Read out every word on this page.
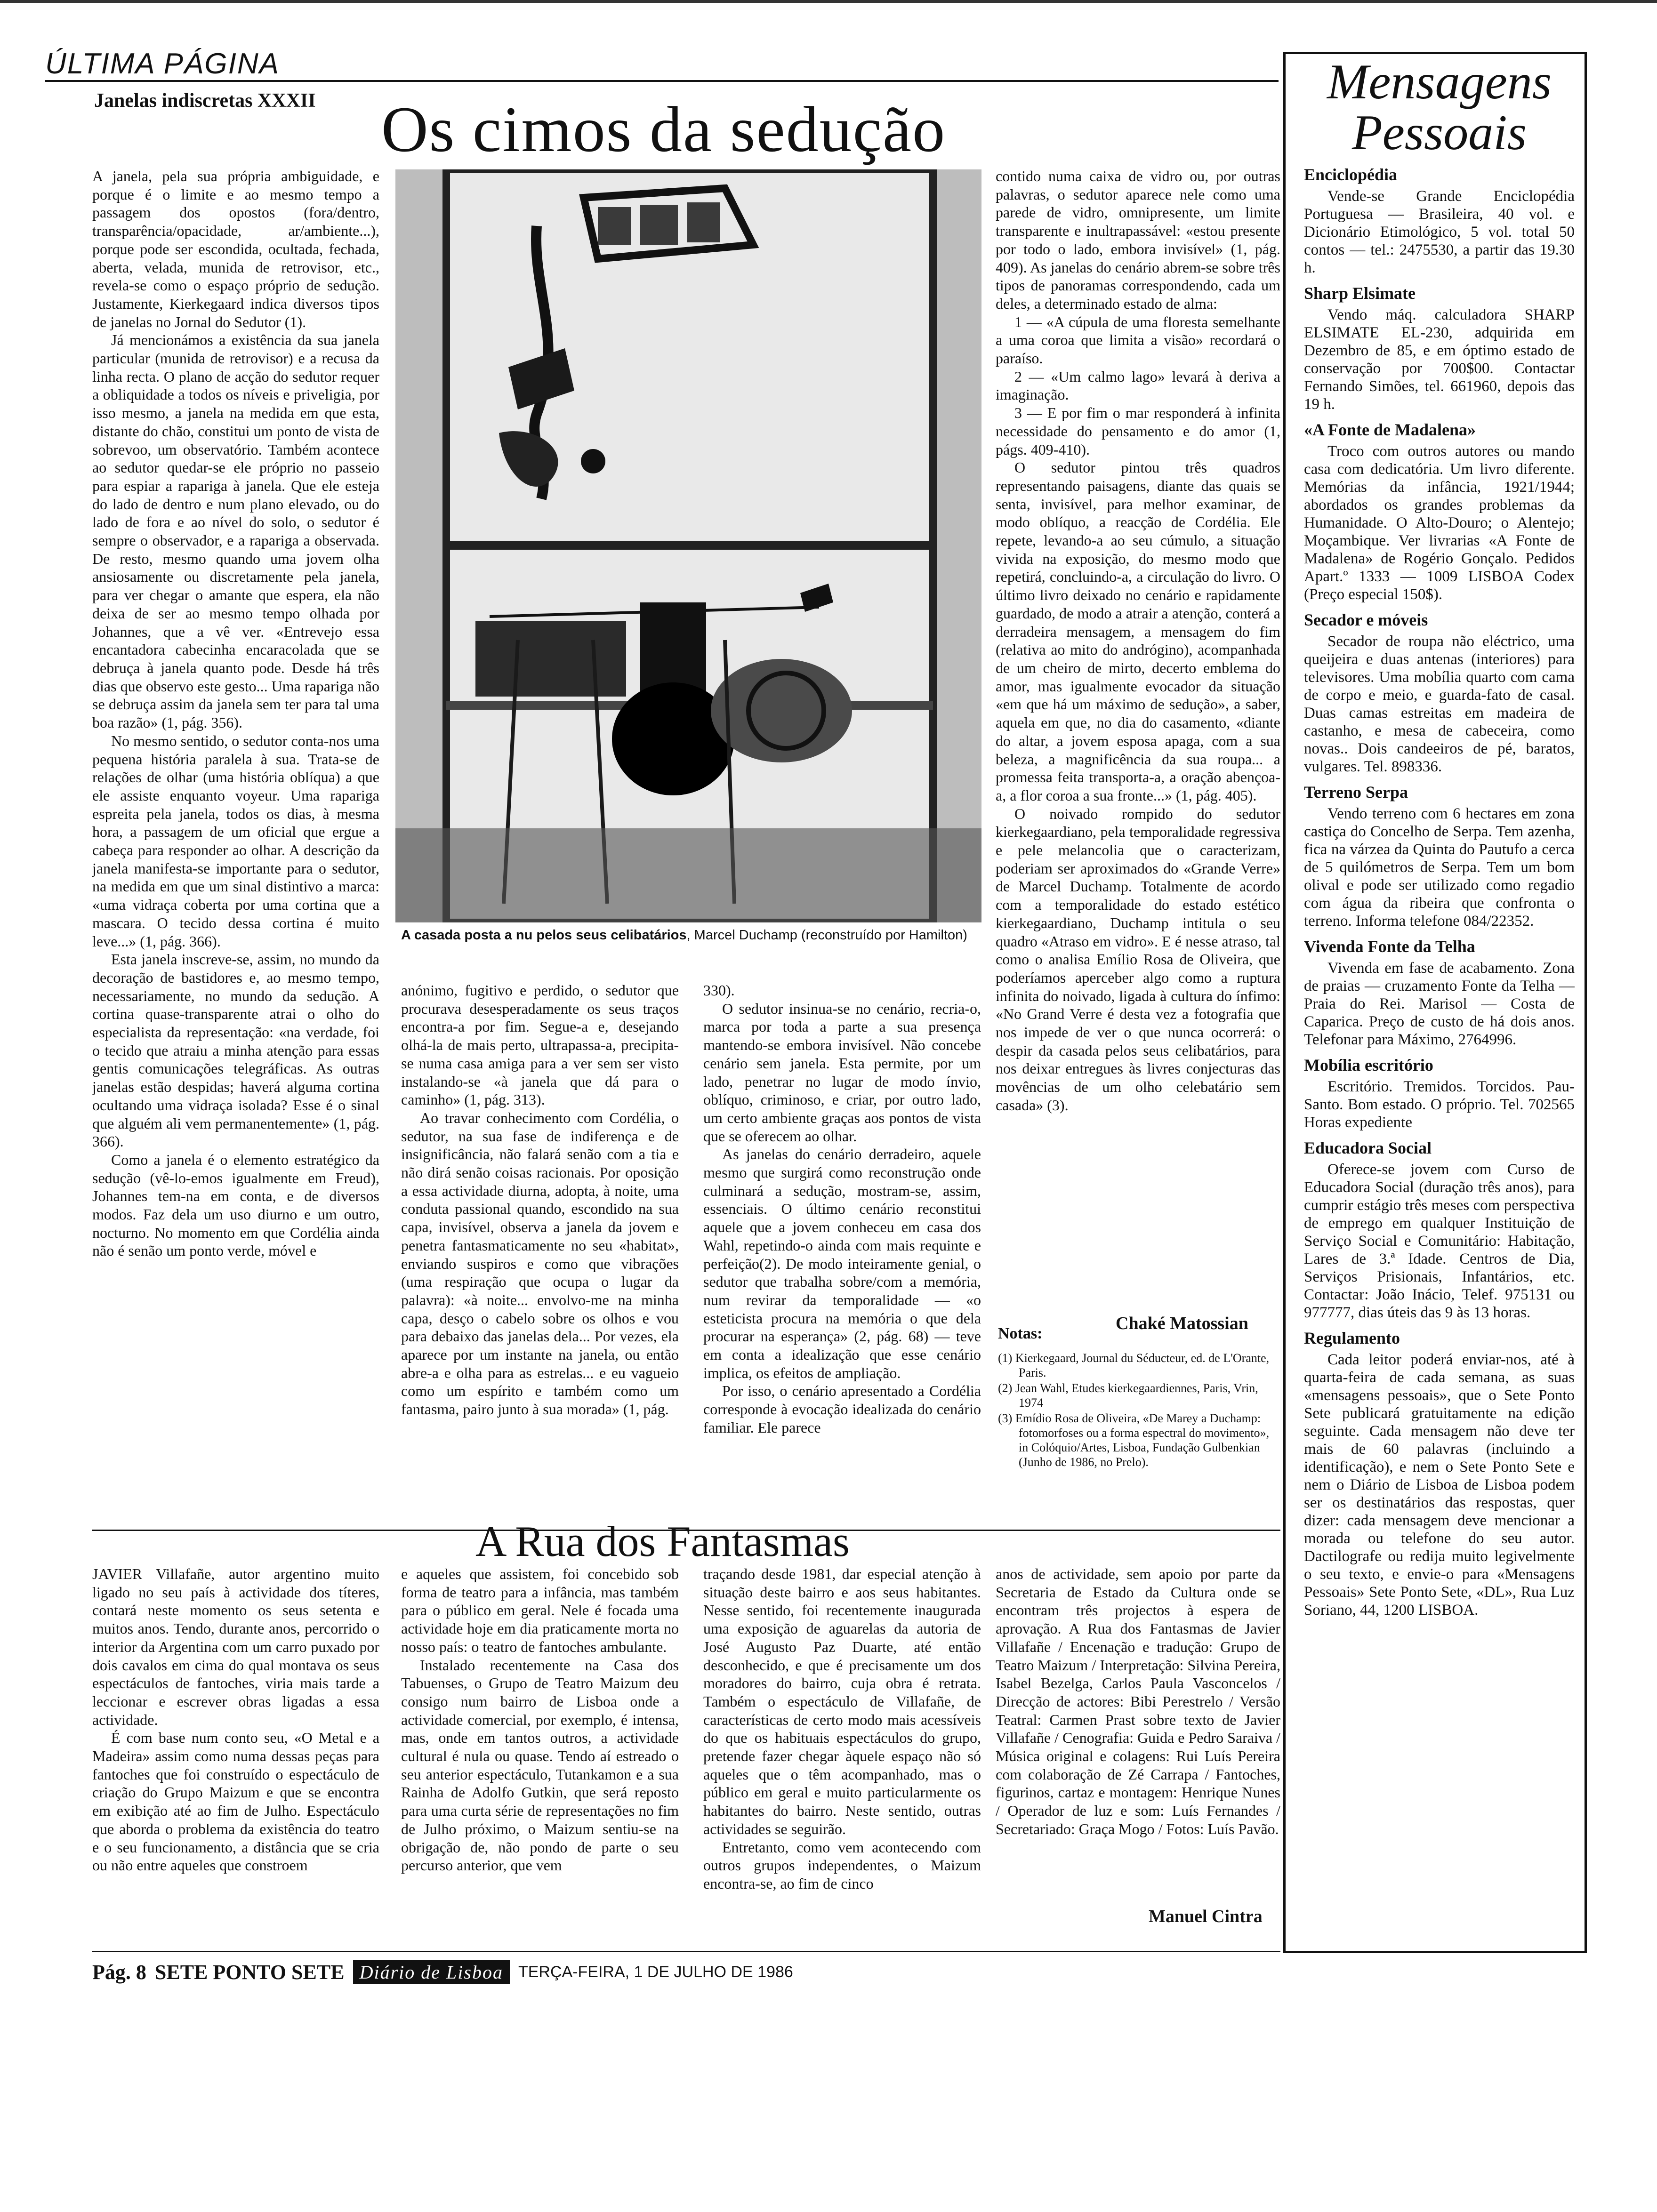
ÚLTIMA PÁGINA
Janelas indiscretas XXXII Os cimos da sedução

A janela, pela sua própria ambiguidade, e porque é o limite e ao mesmo tempo a passagem dos opostos (fora/dentro, transparência/opacidade, ar/ambiente...), porque pode ser escondida, ocultada, fechada, aberta, velada, munida de retrovisor, etc., revela-se como o espaço próprio de sedução. Justamente, Kierkegaard indica diversos tipos de janelas no Jornal do Sedutor (1).

Já mencionámos a existência da sua janela particular (munida de retrovisor) e a recusa da linha recta. O plano de acção do sedutor requer a obliquidade a todos os níveis e priveligia, por isso mesmo, a janela na medida em que esta, distante do chão, constitui um ponto de vista de sobrevoo, um observatório. Também acontece ao sedutor quedar-se ele próprio no passeio para espiar a rapariga à janela. Que ele esteja do lado de dentro e num plano elevado, ou do lado de fora e ao nível do solo, o sedutor é sempre o observador, e a rapariga a observada. De resto, mesmo quando uma jovem olha ansiosamente ou discretamente pela janela, para ver chegar o amante que espera, ela não deixa de ser ao mesmo tempo olhada por Johannes, que a vê ver. «Entrevejo essa encantadora cabecinha encaracolada que se debruça à janela quanto pode. Desde há três dias que observo este gesto... Uma rapariga não se debruça assim da janela sem ter para tal uma boa razão» (1, pág. 356).

No mesmo sentido, o sedutor conta-nos uma pequena história paralela à sua. Trata-se de relações de olhar (uma história oblíqua) a que ele assiste enquanto voyeur. Uma rapariga espreita pela janela, todos os dias, à mesma hora, a passagem de um oficial que ergue a cabeça para responder ao olhar. A descrição da janela manifesta-se importante para o sedutor, na medida em que um sinal distintivo a marca: «uma vidraça coberta por uma cortina que a mascara. O tecido dessa cortina é muito leve...» (1, pág. 366).

Esta janela inscreve-se, assim, no mundo da decoração de bastidores e, ao mesmo tempo, necessariamente, no mundo da sedução. A cortina quase-transparente atrai o olho do especialista da representação: «na verdade, foi o tecido que atraiu a minha atenção para essas gentis comunicações telegráficas. As outras janelas estão despidas; haverá alguma cortina ocultando uma vidraça isolada? Esse é o sinal que alguém ali vem permanentemente» (1, pág. 366).

Como a janela é o elemento estratégico da sedução (vê-lo-emos igualmente em Freud), Johannes tem-na em conta, e de diversos modos. Faz dela um uso diurno e um outro, nocturno. No momento em que Cordélia ainda não é senão um ponto verde, móvel e

A casada posta a nu pelos seus celibatários, Marcel Duchamp (reconstruído por Hamilton)

anónimo, fugitivo e perdido, o sedutor que procurava desesperadamente os seus traços encontra-a por fim. Segue-a e, desejando olhá-la de mais perto, ultrapassa-a, precipita-se numa casa amiga para a ver sem ser visto instalando-se «à janela que dá para o caminho» (1, pág. 313).

Ao travar conhecimento com Cordélia, o sedutor, na sua fase de indiferença e de insignificância, não falará senão com a tia e não dirá senão coisas racionais. Por oposição a essa actividade diurna, adopta, à noite, uma conduta passional quando, escondido na sua capa, invisível, observa a janela da jovem e penetra fantasmaticamente no seu «habitat», enviando suspiros e como que vibrações (uma respiração que ocupa o lugar da palavra): «à noite... envolvo-me na minha capa, desço o cabelo sobre os olhos e vou para debaixo das janelas dela... Por vezes, ela aparece por um instante na janela, ou então abre-a e olha para as estrelas... e eu vagueio como um espírito e também como um fantasma, pairo junto à sua morada» (1, pág.

330).

O sedutor insinua-se no cenário, recria-o, marca por toda a parte a sua presença mantendo-se embora invisível. Não concebe cenário sem janela. Esta permite, por um lado, penetrar no lugar de modo ínvio, oblíquo, criminoso, e criar, por outro lado, um certo ambiente graças aos pontos de vista que se oferecem ao olhar.

As janelas do cenário derradeiro, aquele mesmo que surgirá como reconstrução onde culminará a sedução, mostram-se, assim, essenciais. O último cenário reconstitui aquele que a jovem conheceu em casa dos Wahl, repetindo-o ainda com mais requinte e perfeição(2). De modo inteiramente genial, o sedutor que trabalha sobre/com a memória, num revirar da temporalidade — «o esteticista procura na memória o que dela procurar na esperança» (2, pág. 68) — teve em conta a idealização que esse cenário implica, os efeitos de ampliação.

Por isso, o cenário apresentado a Cordélia corresponde à evocação idealizada do cenário familiar. Ele parece

contido numa caixa de vidro ou, por outras palavras, o sedutor aparece nele como uma parede de vidro, omnipresente, um limite transparente e inultrapassável: «estou presente por todo o lado, embora invisível» (1, pág. 409). As janelas do cenário abrem-se sobre três tipos de panoramas correspondendo, cada um deles, a determinado estado de alma:

1 — «A cúpula de uma floresta semelhante a uma coroa que limita a visão» recordará o paraíso.

2 — «Um calmo lago» levará à deriva a imaginação.

3 — E por fim o mar responderá à infinita necessidade do pensamento e do amor (1, págs. 409-410).

O sedutor pintou três quadros representando paisagens, diante das quais se senta, invisível, para melhor examinar, de modo oblíquo, a reacção de Cordélia. Ele repete, levando-a ao seu cúmulo, a situação vivida na exposição, do mesmo modo que repetirá, concluindo-a, a circulação do livro. O último livro deixado no cenário e rapidamente guardado, de modo a atrair a atenção, conterá a derradeira mensagem, a mensagem do fim (relativa ao mito do andrógino), acompanhada de um cheiro de mirto, decerto emblema do amor, mas igualmente evocador da situação «em que há um máximo de sedução», a saber, aquela em que, no dia do casamento, «diante do altar, a jovem esposa apaga, com a sua beleza, a magnificência da sua roupa... a promessa feita transporta-a, a oração abençoa-a, a flor coroa a sua fronte...» (1, pág. 405).

O noivado rompido do sedutor kierkegaardiano, pela temporalidade regressiva e pele melancolia que o caracterizam, poderiam ser aproximados do «Grande Verre» de Marcel Duchamp. Totalmente de acordo com a temporalidade do estado estético kierkegaardiano, Duchamp intitula o seu quadro «Atraso em vidro». E é nesse atraso, tal como o analisa Emílio Rosa de Oliveira, que poderíamos aperceber algo como a ruptura infinita do noivado, ligada à cultura do ínfimo: «No Grand Verre é desta vez a fotografia que nos impede de ver o que nunca ocorrerá: o despir da casada pelos seus celibatários, para nos deixar entregues às livres conjecturas das movências de um olho celebatário sem casada» (3).

Chaké Matossian
Notas:

(1) Kierkegaard, Journal du Séducteur, ed. de L'Orante, Paris.

(2) Jean Wahl, Etudes kierkegaardiennes, Paris, Vrin, 1974

(3) Emídio Rosa de Oliveira, «De Marey a Duchamp: fotomorfoses ou a forma espectral do movimento», in Colóquio/Artes, Lisboa, Fundação Gulbenkian (Junho de 1986, no Prelo).

A Rua dos Fantasmas

JAVIER Villafañe, autor argentino muito ligado no seu país à actividade dos títeres, contará neste momento os seus setenta e muitos anos. Tendo, durante anos, percorrido o interior da Argentina com um carro puxado por dois cavalos em cima do qual montava os seus espectáculos de fantoches, viria mais tarde a leccionar e escrever obras ligadas a essa actividade.

É com base num conto seu, «O Metal e a Madeira» assim como numa dessas peças para fantoches que foi construído o espectáculo de criação do Grupo Maizum e que se encontra em exibição até ao fim de Julho. Espectáculo que aborda o problema da existência do teatro e o seu funcionamento, a distância que se cria ou não entre aqueles que constroem

e aqueles que assistem, foi concebido sob forma de teatro para a infância, mas também para o público em geral. Nele é focada uma actividade hoje em dia praticamente morta no nosso país: o teatro de fantoches ambulante.

Instalado recentemente na Casa dos Tabuenses, o Grupo de Teatro Maizum deu consigo num bairro de Lisboa onde a actividade comercial, por exemplo, é intensa, mas, onde em tantos outros, a actividade cultural é nula ou quase. Tendo aí estreado o seu anterior espectáculo, Tutankamon e a sua Rainha de Adolfo Gutkin, que será reposto para uma curta série de representações no fim de Julho próximo, o Maizum sentiu-se na obrigação de, não pondo de parte o seu percurso anterior, que vem

traçando desde 1981, dar especial atenção à situação deste bairro e aos seus habitantes. Nesse sentido, foi recentemente inaugurada uma exposição de aguarelas da autoria de José Augusto Paz Duarte, até então desconhecido, e que é precisamente um dos moradores do bairro, cuja obra é retrata. Também o espectáculo de Villafañe, de características de certo modo mais acessíveis do que os habituais espectáculos do grupo, pretende fazer chegar àquele espaço não só aqueles que o têm acompanhado, mas o público em geral e muito particularmente os habitantes do bairro. Neste sentido, outras actividades se seguirão.

Entretanto, como vem acontecendo com outros grupos independentes, o Maizum encontra-se, ao fim de cinco

anos de actividade, sem apoio por parte da Secretaria de Estado da Cultura onde se encontram três projectos à espera de aprovação. A Rua dos Fantasmas de Javier Villafañe / Encenação e tradução: Grupo de Teatro Maizum / Interpretação: Silvina Pereira, Isabel Bezelga, Carlos Paula Vasconcelos / Direcção de actores: Bibi Perestrelo / Versão Teatral: Carmen Prast sobre texto de Javier Villafañe / Cenografia: Guida e Pedro Saraiva / Música original e colagens: Rui Luís Pereira com colaboração de Zé Carrapa / Fantoches, figurinos, cartaz e montagem: Henrique Nunes / Operador de luz e som: Luís Fernandes / Secretariado: Graça Mogo / Fotos: Luís Pavão.

Manuel Cintra
Mensagens
Pessoais
Enciclopédia

Vende-se Grande Enciclopédia Portuguesa — Brasileira, 40 vol. e Dicionário Etimológico, 5 vol. total 50 contos — tel.: 2475530, a partir das 19.30 h.

Sharp Elsimate

Vendo máq. calculadora SHARP ELSIMATE EL-230, adquirida em Dezembro de 85, e em óptimo estado de conservação por 700$00. Contactar Fernando Simões, tel. 661960, depois das 19 h.

«A Fonte de Madalena»

Troco com outros autores ou mando casa com dedicatória. Um livro diferente. Memórias da infância, 1921/1944; abordados os grandes problemas da Humanidade. O Alto-Douro; o Alentejo; Moçambique. Ver livrarias «A Fonte de Madalena» de Rogério Gonçalo. Pedidos Apart.º 1333 — 1009 LISBOA Codex (Preço especial 150$).

Secador e móveis

Secador de roupa não eléctrico, uma queijeira e duas antenas (interiores) para televisores. Uma mobília quarto com cama de corpo e meio, e guarda-fato de casal. Duas camas estreitas em madeira de castanho, e mesa de cabeceira, como novas.. Dois candeeiros de pé, baratos, vulgares. Tel. 898336.

Terreno Serpa

Vendo terreno com 6 hectares em zona castiça do Concelho de Serpa. Tem azenha, fica na várzea da Quinta do Pautufo a cerca de 5 quilómetros de Serpa. Tem um bom olival e pode ser utilizado como regadio com água da ribeira que confronta o terreno. Informa telefone 084/22352.

Vivenda Fonte da Telha

Vivenda em fase de acabamento. Zona de praias — cruzamento Fonte da Telha — Praia do Rei. Marisol — Costa de Caparica. Preço de custo de há dois anos. Telefonar para Máximo, 2764996.

Mobília escritório

Escritório. Tremidos. Torcidos. Pau-Santo. Bom estado. O próprio. Tel. 702565 Horas expediente

Educadora Social

Oferece-se jovem com Curso de Educadora Social (duração três anos), para cumprir estágio três meses com perspectiva de emprego em qualquer Instituição de Serviço Social e Comunitário: Habitação, Lares de 3.ª Idade. Centros de Dia, Serviços Prisionais, Infantários, etc. Contactar: João Inácio, Telef. 975131 ou 977777, dias úteis das 9 às 13 horas.

Regulamento

Cada leitor poderá enviar-nos, até à quarta-feira de cada semana, as suas «mensagens pessoais», que o Sete Ponto Sete publicará gratuitamente na edição seguinte. Cada mensagem não deve ter mais de 60 palavras (incluindo a identificação), e nem o Sete Ponto Sete e nem o Diário de Lisboa de Lisboa podem ser os destinatários das respostas, quer dizer: cada mensagem deve mencionar a morada ou telefone do seu autor. Dactilografe ou redija muito legivelmente o seu texto, e envie-o para «Mensagens Pessoais» Sete Ponto Sete, «DL», Rua Luz Soriano, 44, 1200 LISBOA.

Pág. 8 SETE PONTO SETE Diário de Lisboa TERÇA-FEIRA, 1 DE JULHO DE 1986
